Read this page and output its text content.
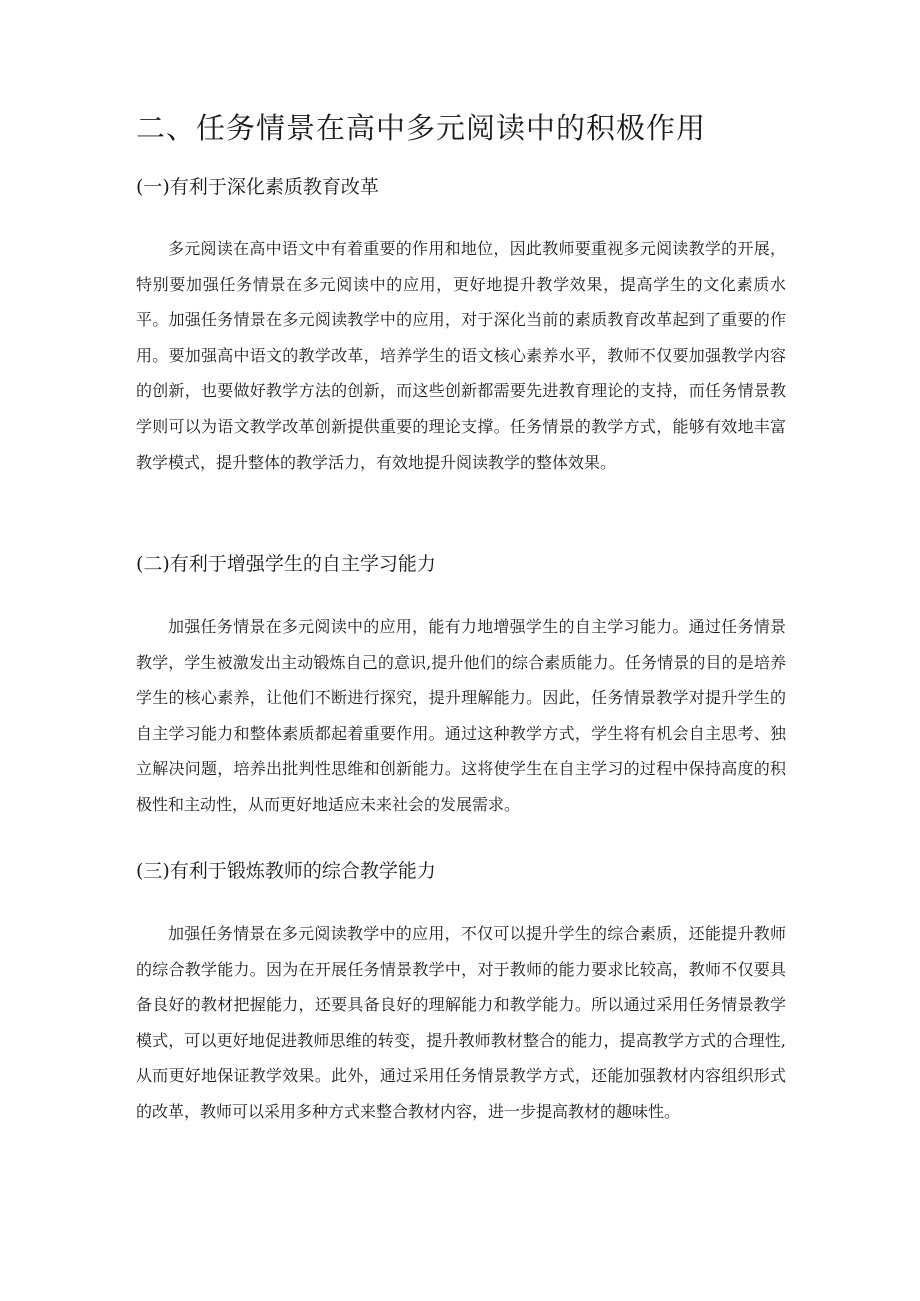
二、任务情景在高中多元阅读中的积极作用
(一)有利于深化素质教育改革

多元阅读在高中语文中有着重要的作用和地位，因此教师要重视多元阅读教学的开展，特别要加强任务情景在多元阅读中的应用，更好地提升教学效果，提高学生的文化素质水平。加强任务情景在多元阅读教学中的应用，对于深化当前的素质教育改革起到了重要的作用。要加强高中语文的教学改革，培养学生的语文核心素养水平，教师不仅要加强教学内容的创新，也要做好教学方法的创新，而这些创新都需要先进教育理论的支持，而任务情景教学则可以为语文教学改革创新提供重要的理论支撑。任务情景的教学方式，能够有效地丰富教学模式，提升整体的教学活力，有效地提升阅读教学的整体效果。

(二)有利于增强学生的自主学习能力

加强任务情景在多元阅读中的应用，能有力地增强学生的自主学习能力。通过任务情景教学，学生被激发出主动锻炼自己的意识,提升他们的综合素质能力。任务情景的目的是培养学生的核心素养，让他们不断进行探究，提升理解能力。因此，任务情景教学对提升学生的自主学习能力和整体素质都起着重要作用。通过这种教学方式，学生将有机会自主思考、独立解决问题，培养出批判性思维和创新能力。这将使学生在自主学习的过程中保持高度的积极性和主动性，从而更好地适应未来社会的发展需求。

(三)有利于锻炼教师的综合教学能力

加强任务情景在多元阅读教学中的应用，不仅可以提升学生的综合素质，还能提升教师的综合教学能力。因为在开展任务情景教学中，对于教师的能力要求比较高，教师不仅要具备良好的教材把握能力，还要具备良好的理解能力和教学能力。所以通过采用任务情景教学模式，可以更好地促进教师思维的转变，提升教师教材整合的能力，提高教学方式的合理性,从而更好地保证教学效果。此外，通过采用任务情景教学方式，还能加强教材内容组织形式的改革，教师可以采用多种方式来整合教材内容，进一步提高教材的趣味性。
